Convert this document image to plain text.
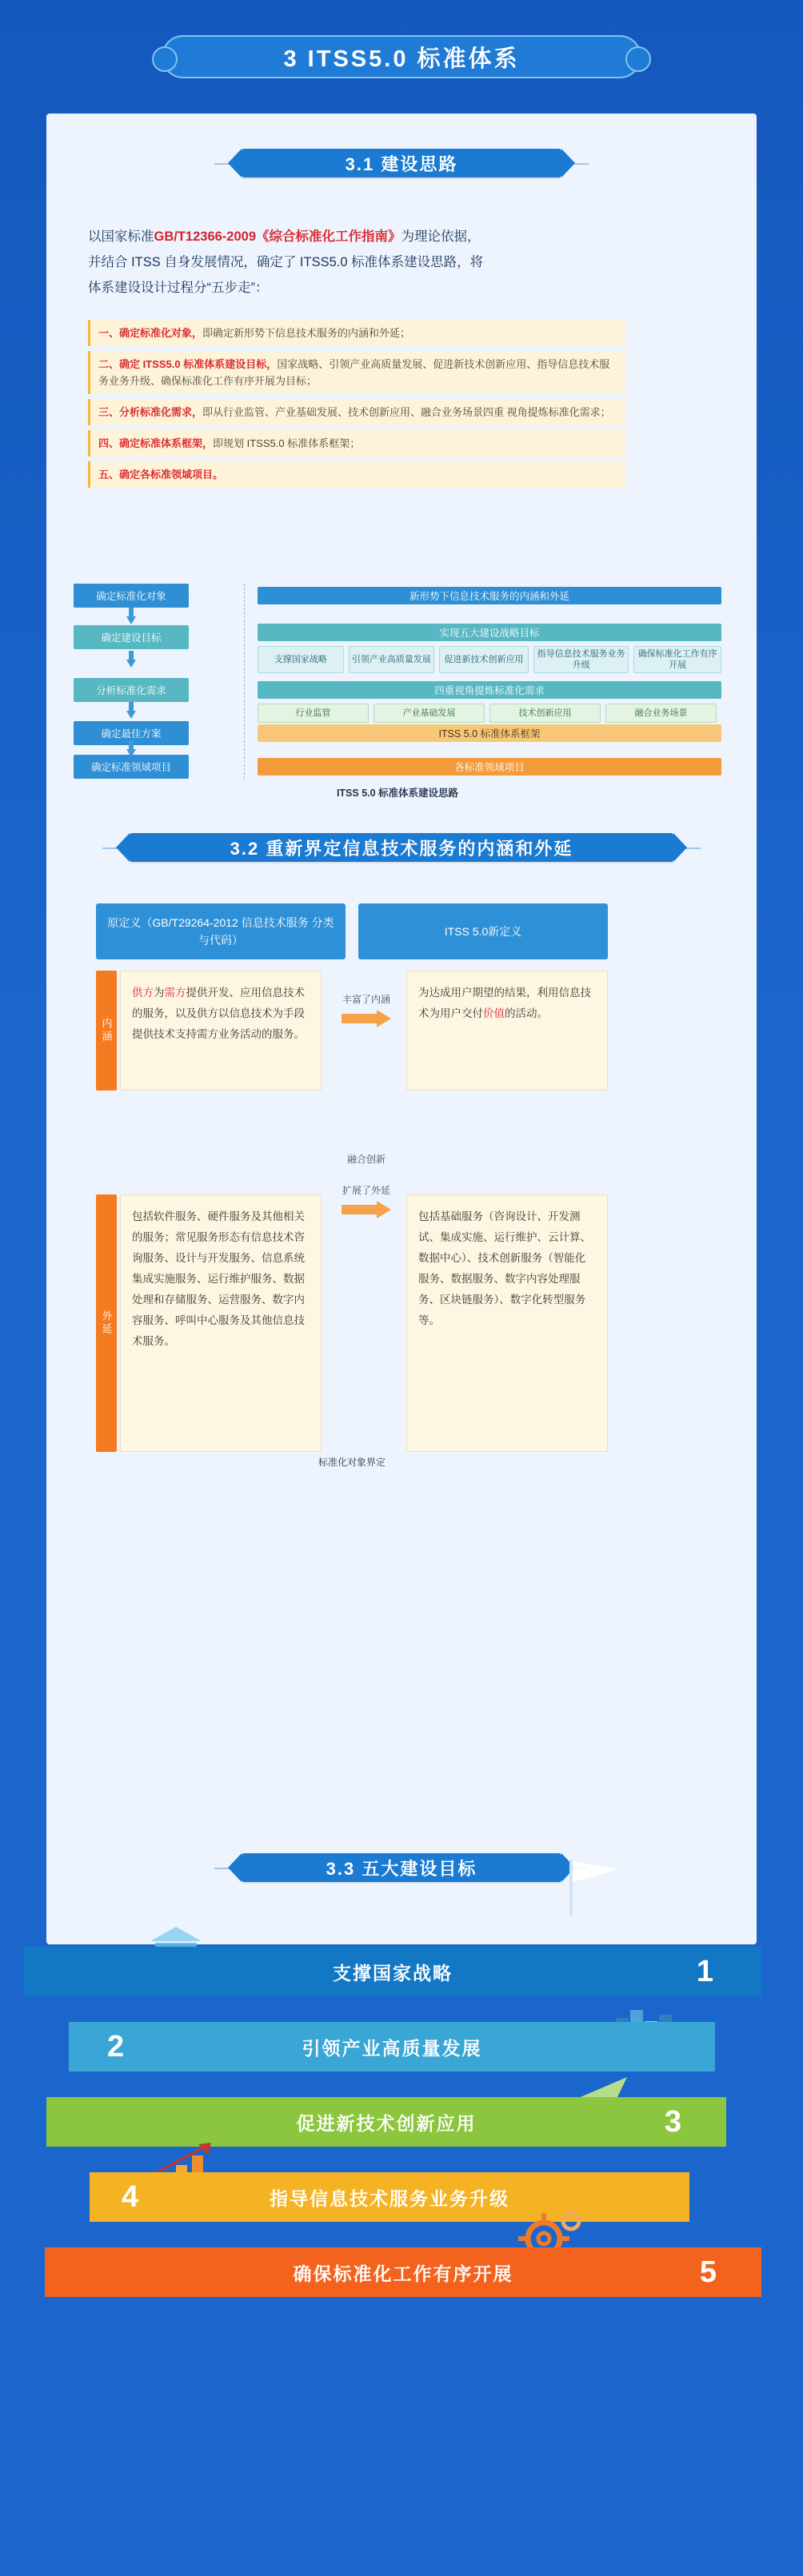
3 ITSS5.0 标准体系
3.1 建设思路
以国家标准GB/T12366-2009《综合标准化工作指南》为理论依据，
并结合 ITSS 自身发展情况，确定了 ITSS5.0 标准体系建设思路，将
体系建设设计过程分“五步走”：
一、确定标准化对象，即确定新形势下信息技术服务的内涵和外延；
二、确定 ITSS5.0 标准体系建设目标，国家战略、引领产业高质量发展、促进新技术创新应用、指导信息技术服务业务升级、确保标准化工作有序开展为目标；
三、分析标准化需求，即从行业监管、产业基础发展、技术创新应用、融合业务场景四重 视角提炼标准化需求；
四、确定标准体系框架，即规划 ITSS5.0 标准体系框架；
五、确定各标准领域项目。
确定标准化对象
确定建设目标
分析标准化需求
确定最佳方案
确定标准领域项目
新形势下信息技术服务的内涵和外延
实现五大建设战略目标
支撑国家战略	引领产业高质量发展	促进新技术创新应用
指导信息技术服务业务升级
确保标准化工作有序开展
四重视角提炼标准化需求
行业监管	产业基础发展	技术创新应用	融合业务场景
ITSS 5.0 标准体系框架
各标准领域项目
ITSS 5.0 标准体系建设思路
3.2 重新界定信息技术服务的内涵和外延
原定义（GB/T29264-2012 信息技术服务 分类与代码）
ITSS 5.0新定义
内涵
供方为需方提供开发、应用信息技术的服务，以及供方以信息技术为手段提供技术支持需方业务活动的服务。
丰富了内涵
为达成用户期望的结果，利用信息技术为用户交付价值的活动。
外延
包括软件服务、硬件服务及其他相关的服务；常见服务形态有信息技术咨询服务、设计与开发服务、信息系统集成实施服务、运行维护服务、数据处理和存储服务、运营服务、数字内容服务、呼叫中心服务及其他信息技术服务。
融合创新
扩展了外延
包括基础服务（咨询设计、开发测试、集成实施、运行维护、云计算、数据中心）、技术创新服务（智能化服务、数据服务、数字内容处理服务、区块链服务）、数字化转型服务等。
标准化对象界定
3.3 五大建设目标
支撑国家战略	1
引领产业高质量发展
2
促进新技术创新应用	3
指导信息技术服务业务升级
4
确保标准化工作有序开展	5
